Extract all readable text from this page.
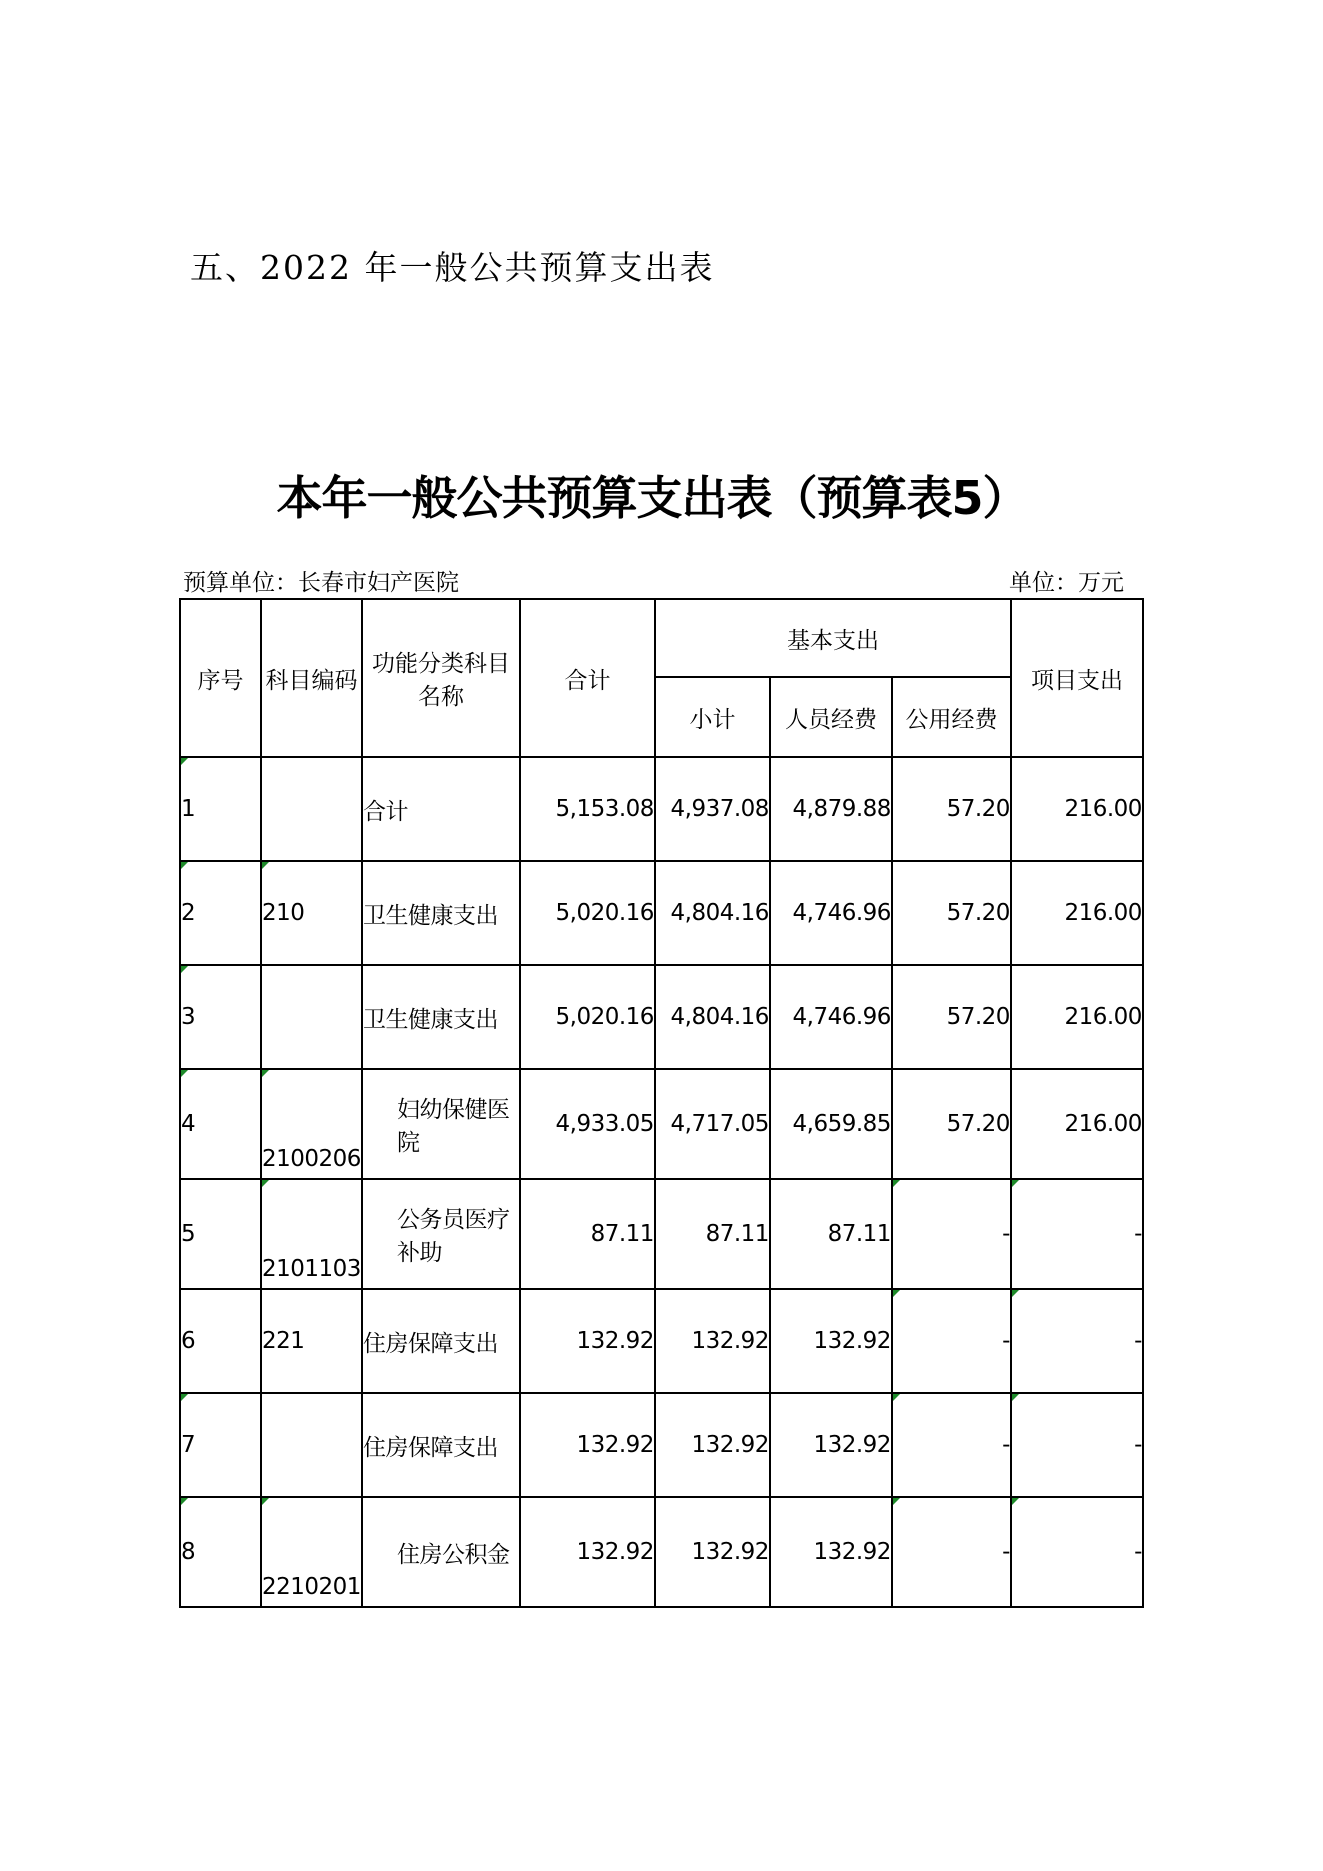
五、2022 年一般公共预算支出表
本年一般公共预算支出表（预算表5）
预算单位：长春市妇产医院	单位：万元
序号	科目编码	功能分类科目名称	合计	基本支出			项目支出
				小计	人员经费	公用经费	
1		合计	5,153.08	4,937.08	4,879.88	57.20	216.00
2	210	卫生健康支出	5,020.16	4,804.16	4,746.96	57.20	216.00
3		卫生健康支出	5,020.16	4,804.16	4,746.96	57.20	216.00
4	2100206	妇幼保健医院	4,933.05	4,717.05	4,659.85	57.20	216.00
5	2101103	公务员医疗补助	87.11	87.11	87.11	-	-
6	221	住房保障支出	132.92	132.92	132.92	-	-
7		住房保障支出	132.92	132.92	132.92	-	-
8	2210201	住房公积金	132.92	132.92	132.92	-	-
